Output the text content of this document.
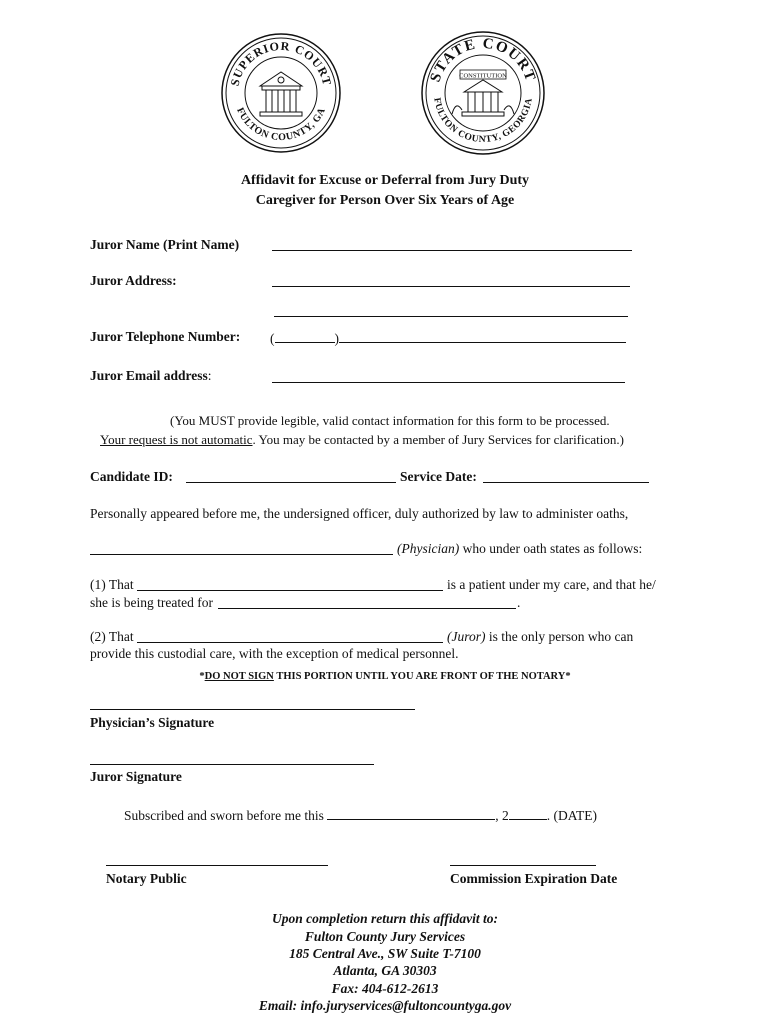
SUPERIOR COURT
FULTON COUNTY, GA
STATE COURT
FULTON COUNTY, GEORGIA
CONSTITUTION
Affidavit for Excuse or Deferral from Jury Duty
Caregiver for Person Over Six Years of Age
Juror Name (Print Name)
Juror Address:
Juror Telephone Number: (	)
Juror Email address:
(You MUST provide legible, valid contact information for this form to be processed.
Your request is not automatic. You may be contacted by a member of Jury Services for clarification.)
Candidate ID:	Service Date:
Personally appeared before me, the undersigned officer, duly authorized by law to administer oaths,
(Physician) who under oath states as follows:
(1) That	is a patient under my care, and that he/
she is being treated for	.
(2) That	(Juror) is the only person who can
provide this custodial care, with the exception of medical personnel.
*DO NOT SIGN THIS PORTION UNTIL YOU ARE FRONT OF THE NOTARY*
Physician’s Signature
Juror Signature
Subscribed and sworn before me this	, 2	. (DATE)
Notary Public	Commission Expiration Date
Upon completion return this affidavit to:
Fulton County Jury Services
185 Central Ave., SW Suite T-7100
Atlanta, GA 30303
Fax: 404-612-2613
Email: info.juryservices@fultoncountyga.gov
